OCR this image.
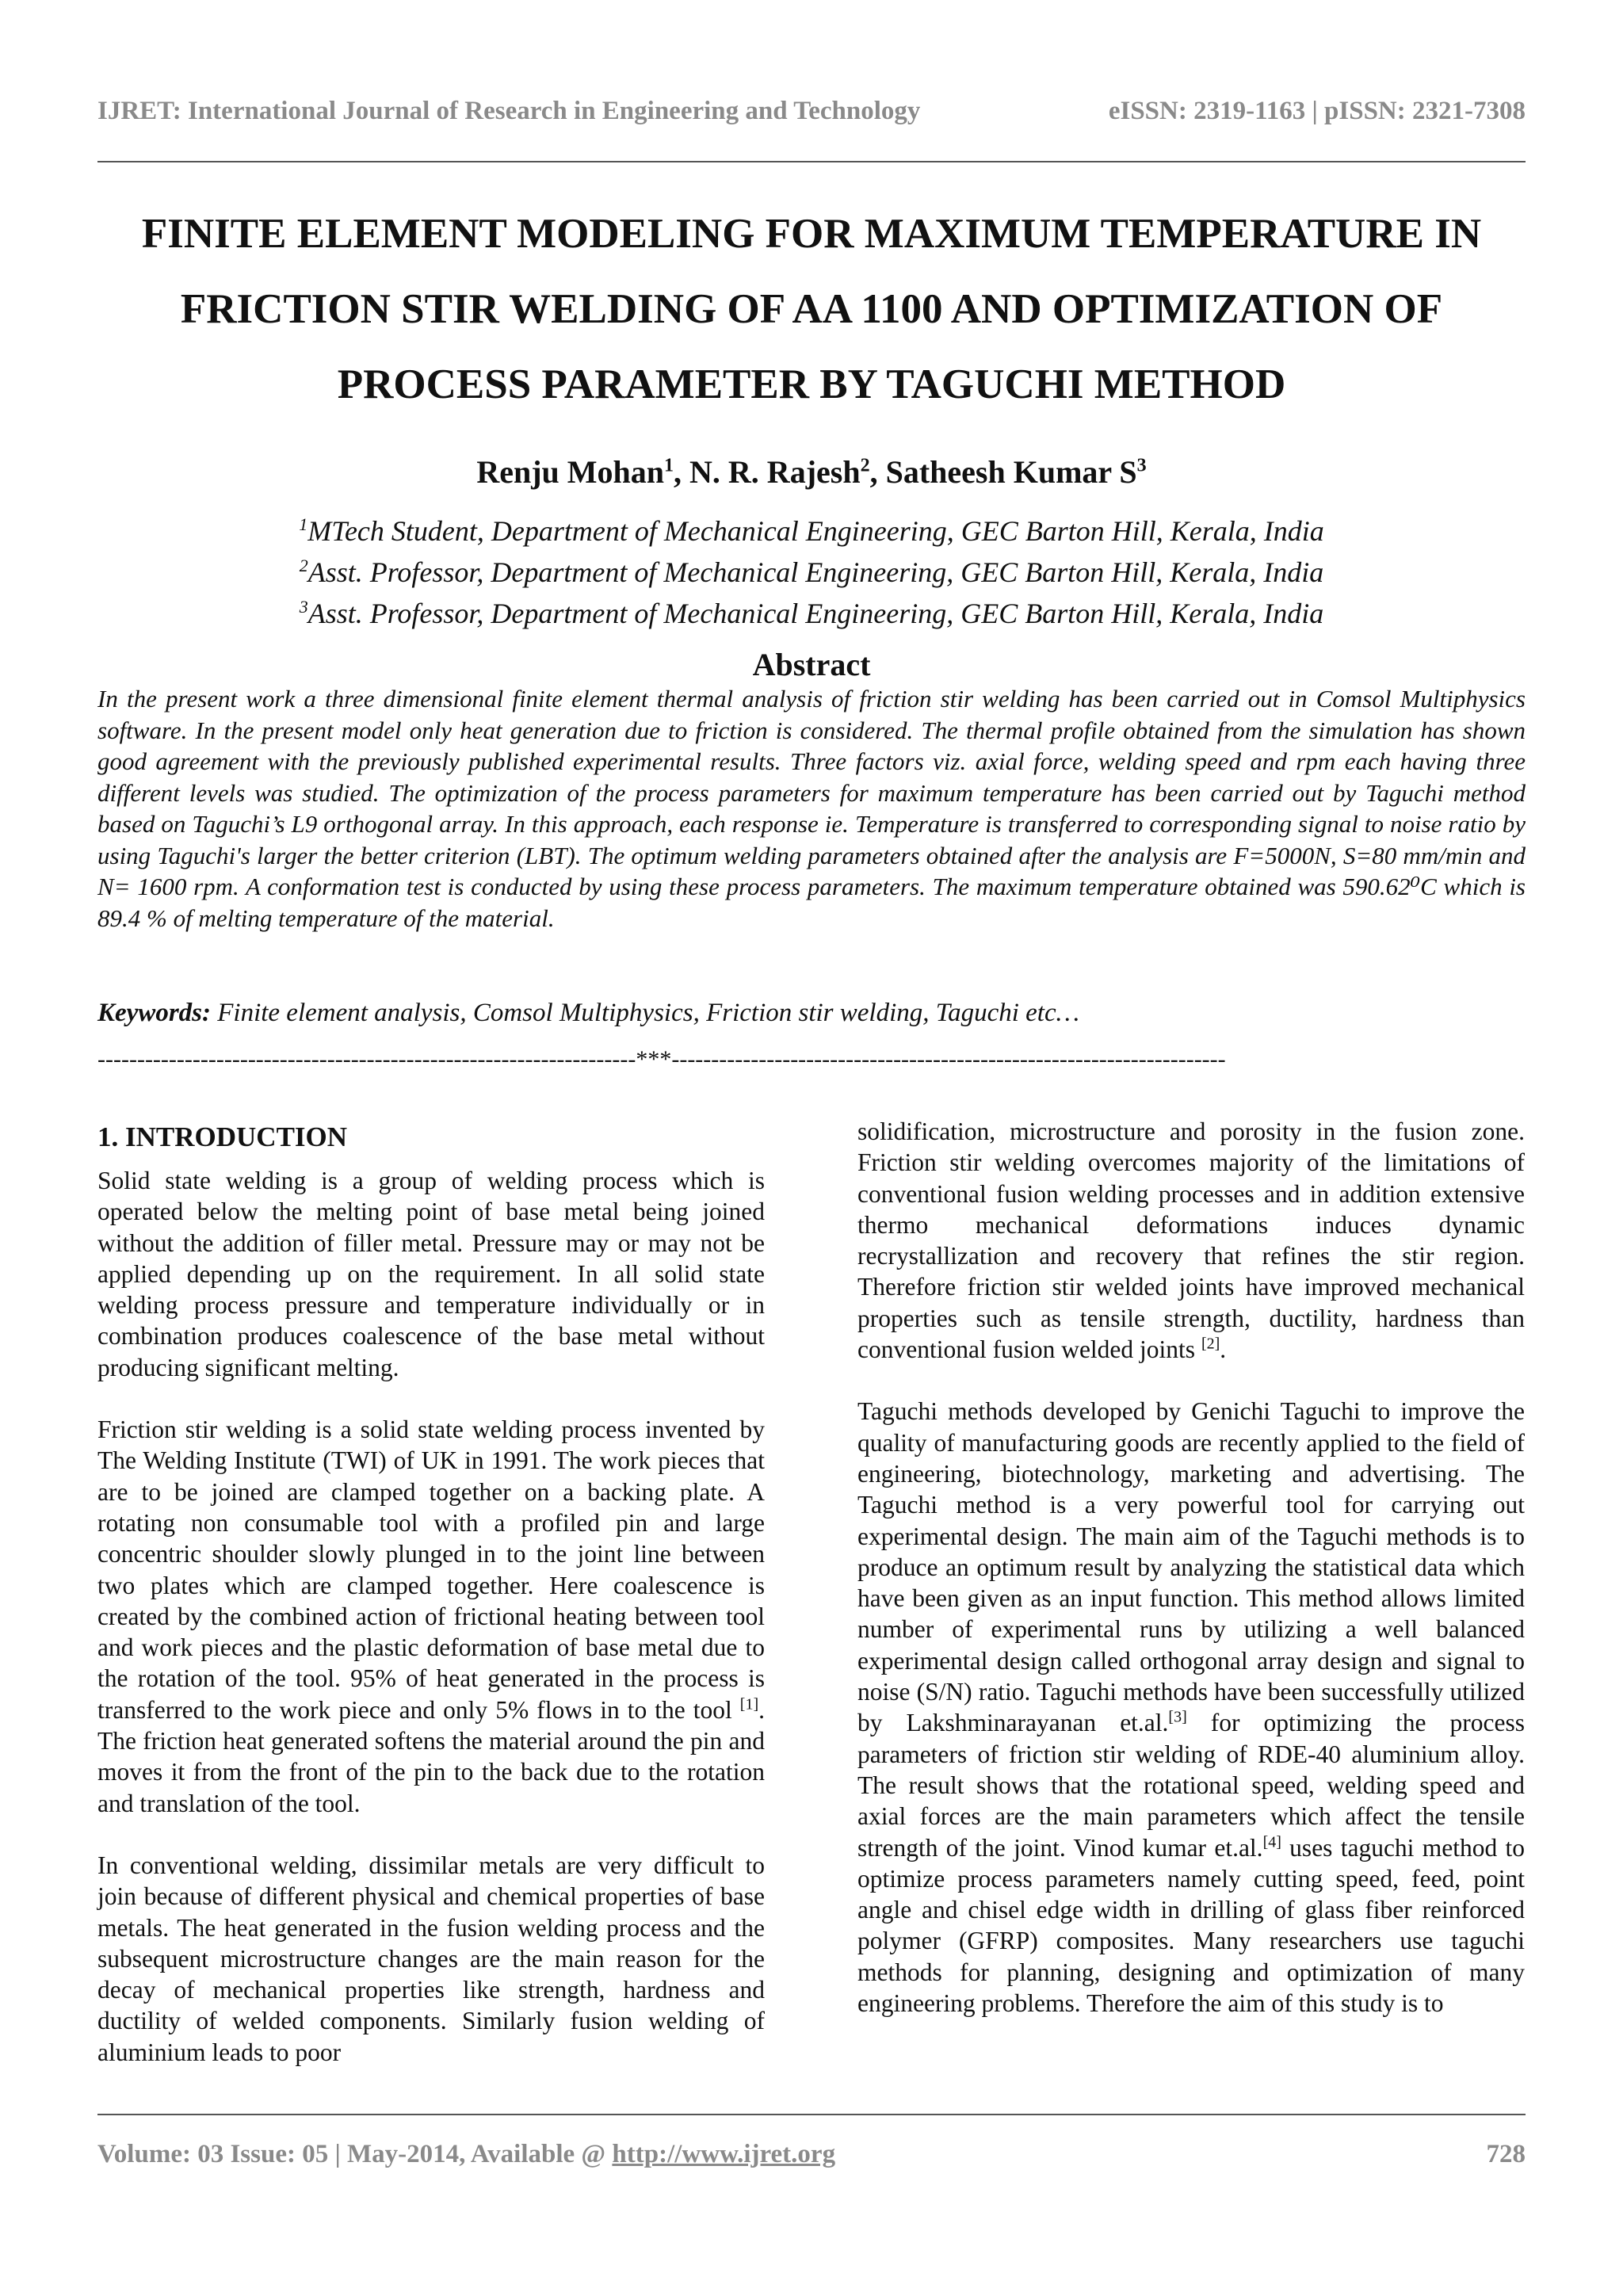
IJRET: International Journal of Research in Engineering and Technology	eISSN: 2319-1163 | pISSN: 2321-7308
FINITE ELEMENT MODELING FOR MAXIMUM TEMPERATURE IN FRICTION STIR WELDING OF AA 1100 AND OPTIMIZATION OF PROCESS PARAMETER BY TAGUCHI METHOD
Renju Mohan$^1$, N. R. Rajesh$^2$, Satheesh Kumar $S^3$
$^1$MTech Student, Department of Mechanical Engineering, GEC Barton Hill, Kerala, India
$^2$Asst. Professor, Department of Mechanical Engineering, GEC Barton Hill, Kerala, India
$^3$Asst. Professor, Department of Mechanical Engineering, GEC Barton Hill, Kerala, India
Abstract

In the present work a three dimensional finite element thermal analysis of friction stir welding has been carried out in Comsol Multiphysics software. In the present model only heat generation due to friction is considered. The thermal profile obtained from the simulation has shown good agreement with the previously published experimental results. Three factors viz. axial force, welding speed and rpm each having three different levels was studied. The optimization of the process parameters for maximum temperature has been carried out by Taguchi method based on Taguchi’s L9 orthogonal array. In this approach, each response ie. Temperature is transferred to corresponding signal to noise ratio by using Taguchi's larger the better criterion (LBT). The optimum welding parameters obtained after the analysis are F=5000N, S=80 mm/min and N= 1600 rpm. A conformation test is conducted by using these process parameters. The maximum temperature obtained was 590.62⁰C which is 89.4 % of melting temperature of the material.

Keywords: Finite element analysis, Comsol Multiphysics, Friction stir welding, Taguchi etc…
--------------------------------------------------------------------***----------------------------------------------------------------------
1. INTRODUCTION

Solid state welding is a group of welding process which is operated below the melting point of base metal being joined without the addition of filler metal. Pressure may or may not be applied depending up on the requirement. In all solid state welding process pressure and temperature individually or in combination produces coalescence of the base metal without producing significant melting.

Friction stir welding is a solid state welding process invented by The Welding Institute (TWI) of UK in 1991. The work pieces that are to be joined are clamped together on a backing plate. A rotating non consumable tool with a profiled pin and large concentric shoulder slowly plunged in to the joint line between two plates which are clamped together. Here coalescence is created by the combined action of frictional heating between tool and work pieces and the plastic deformation of base metal due to the rotation of the tool. 95% of heat generated in the process is transferred to the work piece and only 5% flows in to the tool [1]. The friction heat generated softens the material around the pin and moves it from the front of the pin to the back due to the rotation and translation of the tool.

In conventional welding, dissimilar metals are very difficult to join because of different physical and chemical properties of base metals. The heat generated in the fusion welding process and the subsequent microstructure changes are the main reason for the decay of mechanical properties like strength, hardness and ductility of welded components. Similarly fusion welding of aluminium leads to poor

solidification, microstructure and porosity in the fusion zone. Friction stir welding overcomes majority of the limitations of conventional fusion welding processes and in addition extensive thermo mechanical deformations induces dynamic recrystallization and recovery that refines the stir region. Therefore friction stir welded joints have improved mechanical properties such as tensile strength, ductility, hardness than conventional fusion welded joints [2].

Taguchi methods developed by Genichi Taguchi to improve the quality of manufacturing goods are recently applied to the field of engineering, biotechnology, marketing and advertising. The Taguchi method is a very powerful tool for carrying out experimental design. The main aim of the Taguchi methods is to produce an optimum result by analyzing the statistical data which have been given as an input function. This method allows limited number of experimental runs by utilizing a well balanced experimental design called orthogonal array design and signal to noise (S/N) ratio. Taguchi methods have been successfully utilized by Lakshminarayanan et.al.[3] for optimizing the process parameters of friction stir welding of RDE-40 aluminium alloy. The result shows that the rotational speed, welding speed and axial forces are the main parameters which affect the tensile strength of the joint. Vinod kumar et.al.[4] uses taguchi method to optimize process parameters namely cutting speed, feed, point angle and chisel edge width in drilling of glass fiber reinforced polymer (GFRP) composites. Many researchers use taguchi methods for planning, designing and optimization of many engineering problems. Therefore the aim of this study is to

Volume: 03 Issue: 05 | May-2014, Available @ http://www.ijret.org	728
